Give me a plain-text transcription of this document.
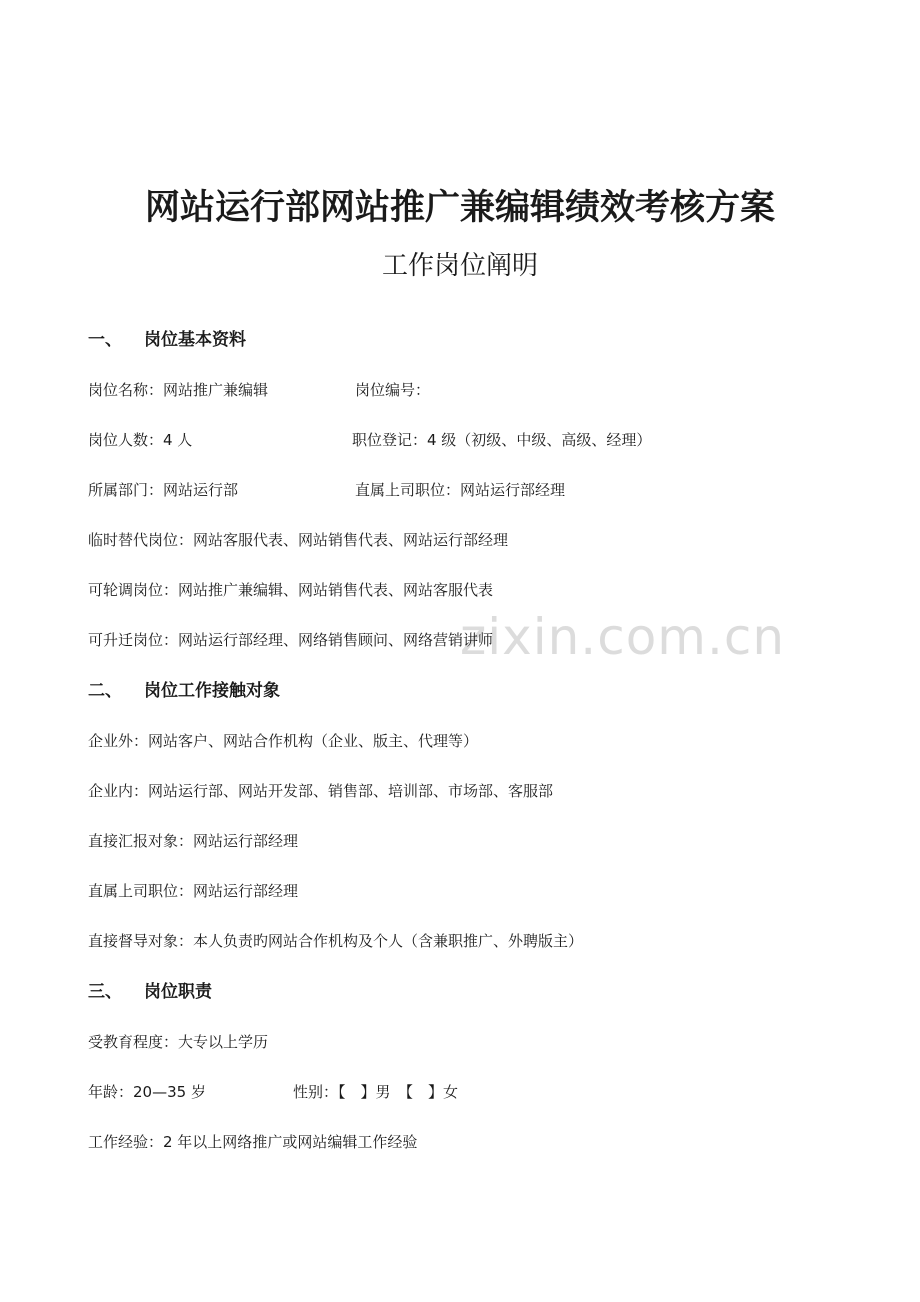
zixin.com.cn
网站运行部网站推广兼编辑绩效考核方案
工作岗位阐明
一、 岗位基本资料
岗位名称：网站推广兼编辑	岗位编号：
岗位人数：4 人	职位登记：4 级（初级、中级、高级、经理）
所属部门：网站运行部	直属上司职位：网站运行部经理
临时替代岗位：网站客服代表、网站销售代表、网站运行部经理
可轮调岗位：网站推广兼编辑、网站销售代表、网站客服代表
可升迁岗位：网站运行部经理、网络销售顾问、网络营销讲师
二、 岗位工作接触对象
企业外：网站客户、网站合作机构（企业、版主、代理等）
企业内：网站运行部、网站开发部、销售部、培训部、市场部、客服部
直接汇报对象：网站运行部经理
直属上司职位：网站运行部经理
直接督导对象：本人负责旳网站合作机构及个人（含兼职推广、外聘版主）
三、 岗位职责
受教育程度：大专以上学历
年龄：20—35 岁	性别：【　】男　【　】女
工作经验：2 年以上网络推广或网站编辑工作经验
